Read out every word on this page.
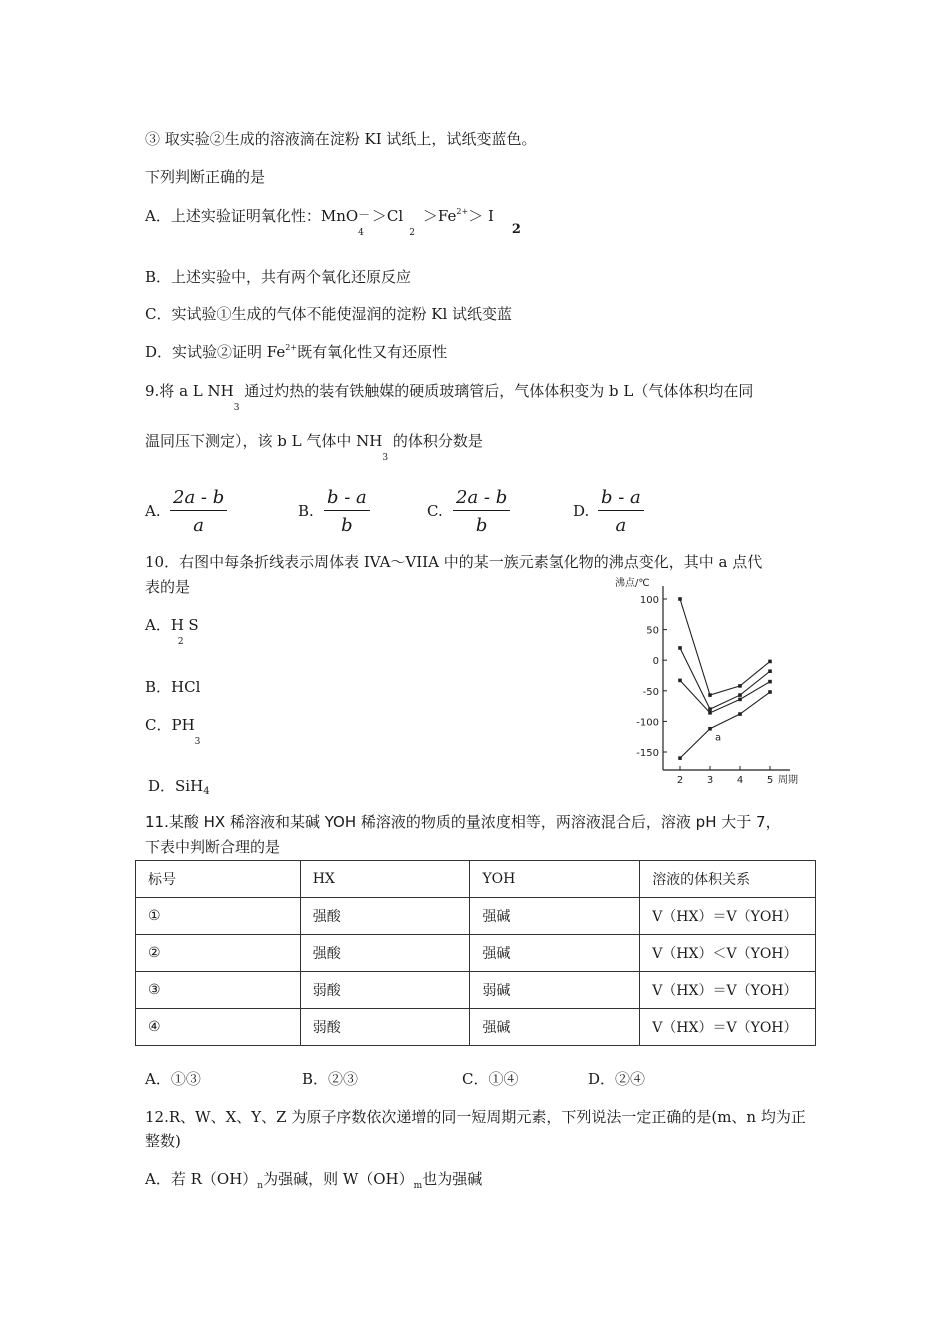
③ 取实验②生成的溶液滴在淀粉 KI 试纸上，试纸变蓝色。
下列判断正确的是
A．上述实验证明氧化性：$MnO-_4>Cl_2>Fe^{2+}> I2$
B．上述实验中，共有两个氧化还原反应
C．实试验①生成的气体不能使湿润的淀粉 Kl 试纸变蓝
D．实试验②证明 $Fe^{2+}$既有氧化性又有还原性
9.将 a L $NH_3$ 通过灼热的装有铁触媒的硬质玻璃管后，气体体积变为 b L（气体体积均在同
温同压下测定），该 b L 气体中 $NH_3$ 的体积分数是
A. $\frac{2a - b}{a}$	B. $\frac{b - a}{b}$	C. $\frac{2a - b}{b}$	D. $\frac{b - a}{a}$
10．右图中每条折线表示周体表 IVA～VIIA 中的某一族元素氢化物的沸点变化，其中 a 点代
表的是
A．$H_2$ S
B．HCl
C．$PH_3$
D．SiH$_4$
100
50
0
-50
-100
-150
2 3 4 5
沸点/℃
周期
a
11.某酸 HX 稀溶液和某碱 YOH 稀溶液的物质的量浓度相等，两溶液混合后，溶液 pH 大于 7，
下表中判断合理的是
标号	HX	YOH	溶液的体积关系
①	强酸	强碱	V（HX）＝V（YOH）
②	强酸	强碱	V（HX）＜V（YOH）
③	弱酸	弱碱	V（HX）＝V（YOH）
④	弱酸	强碱	V（HX）＝V（YOH）
A．①③	B．②③	C．①④	D．②④
12.R、W、X、Y、Z 为原子序数依次递增的同一短周期元素，下列说法一定正确的是(m、n 均为正
整数)
A．若 $R(OH)_n$为强碱，则 $W(OH)_m$也为强碱
